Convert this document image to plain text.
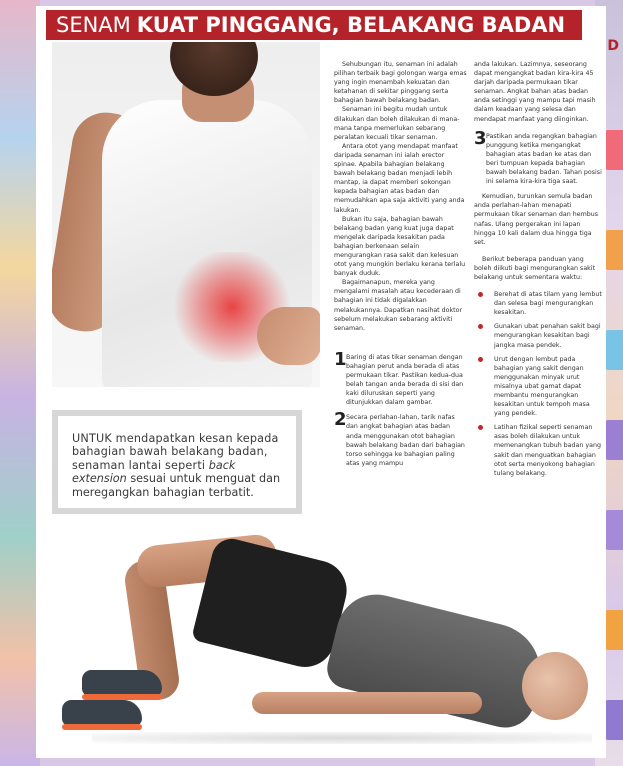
SENAM KUAT PINGGANG, BELAKANG BADAN
D
UNTUK mendapatkan kesan kepada bahagian bawah belakang badan, senaman lantai seperti back extension sesuai untuk menguat dan meregangkan bahagian terbatit.

Sehubungan itu, senaman ini adalah pilihan terbaik bagi golongan warga emas yang ingin menambah kekuatan dan ketahanan di sekitar pinggang serta bahagian bawah belakang badan.

Senaman ini begitu mudah untuk dilakukan dan boleh dilakukan di mana-mana tanpa memerlukan sebarang peralatan kecuali tikar senaman.

Antara otot yang mendapat manfaat daripada senaman ini ialah erector spinae. Apabila bahagian belakang bawah belakang badan menjadi lebih mantap, ia dapat memberi sokongan kepada bahagian atas badan dan memudahkan apa saja aktiviti yang anda lakukan.

Bukan itu saja, bahagian bawah belakang badan yang kuat juga dapat mengelak daripada kesakitan pada bahagian berkenaan selain mengurangkan rasa sakit dan kelesuan otot yang mungkin berlaku kerana terlalu banyak duduk.

Bagaimanapun, mereka yang mengalami masalah atau kecederaan di bahagian ini tidak digalakkan melakukannya. Dapatkan nasihat doktor sebelum melakukan sebarang aktiviti senaman.

1 Baring di atas tikar senaman dengan bahagian perut anda berada di atas permukaan tikar. Pastikan kedua-dua belah tangan anda berada di sisi dan kaki diluruskan seperti yang ditunjukkan dalam gambar.

2 Secara perlahan-lahan, tarik nafas dan angkat bahagian atas badan anda menggunakan otot bahagian bawah belakang badan dari bahagian torso sehingga ke bahagian paling atas yang mampu

anda lakukan. Lazimnya, seseorang dapat mengangkat badan kira-kira 45 darjah daripada permukaan tikar senaman. Angkat bahan atas badan anda setinggi yang mampu tapi masih dalam keadaan yang selesa dan mendapat manfaat yang diinginkan.

3 Pastikan anda regangkan bahagian punggung ketika mengangkat bahagian atas badan ke atas dan beri tumpuan kepada bahagian bawah belakang badan. Tahan posisi ini selama kira-kira tiga saat.

Kemudian, turunkan semula badan anda perlahan-lahan menapati permukaan tikar senaman dan hembus nafas. Ulang pergerakan ini lapan hingga 10 kali dalam dua hingga tiga set.

Berikut beberapa panduan yang boleh diikuti bagi mengurangkan sakit belakang untuk sementara waktu:

Berehat di atas tilam yang lembut dan selesa bagi mengurangkan kesakitan.

Gunakan ubat penahan sakit bagi mengurangkan kesakitan bagi jangka masa pendek.

Urut dengan lembut pada bahagian yang sakit dengan menggunakan minyak urut misalnya ubat gamat dapat membantu mengurangkan kesakitan untuk tempoh masa yang pendek.

Latihan fizikal seperti senaman asas boleh dilakukan untuk memenangkan tubuh badan yang sakit dan menguatkan bahagian otot serta menyokong bahagian tulang belakang.
